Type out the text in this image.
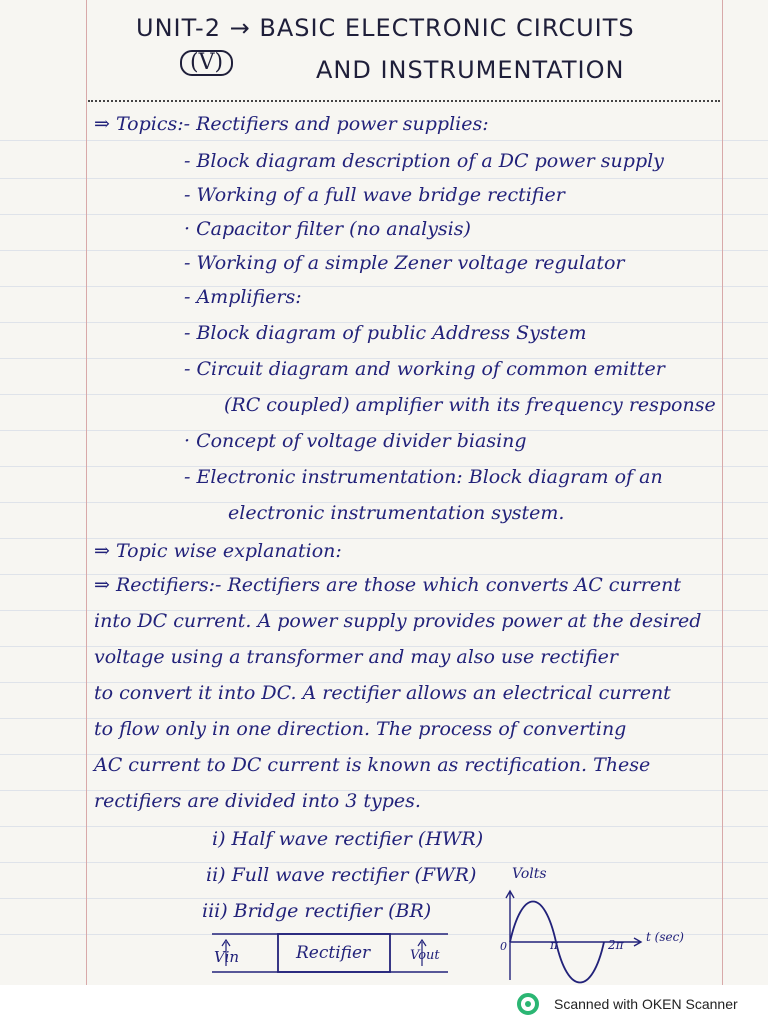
UNIT-2 → BASIC ELECTRONIC CIRCUITS
(V)	AND INSTRUMENTATION
⇒ Topics:- Rectifiers and power supplies:
- Block diagram description of a DC power supply
- Working of a full wave bridge rectifier
· Capacitor filter (no analysis)
- Working of a simple Zener voltage regulator
- Amplifiers:
- Block diagram of public Address System
- Circuit diagram and working of common emitter
(RC coupled) amplifier with its frequency response
· Concept of voltage divider biasing
- Electronic instrumentation: Block diagram of an
electronic instrumentation system.
⇒ Topic wise explanation:
⇒ Rectifiers:- Rectifiers are those which converts AC current
into DC current. A power supply provides power at the desired
voltage using a transformer and may also use rectifier
to convert it into DC. A rectifier allows an electrical current
to flow only in one direction. The process of converting
AC current to DC current is known as rectification. These
rectifiers are divided into 3 types.
i) Half wave rectifier (HWR)
ii) Full wave rectifier (FWR)
iii) Bridge rectifier (BR)
Vin	Rectifier	Vout
Volts
t (sec)
0	π	2π
Scanned with OKEN Scanner
